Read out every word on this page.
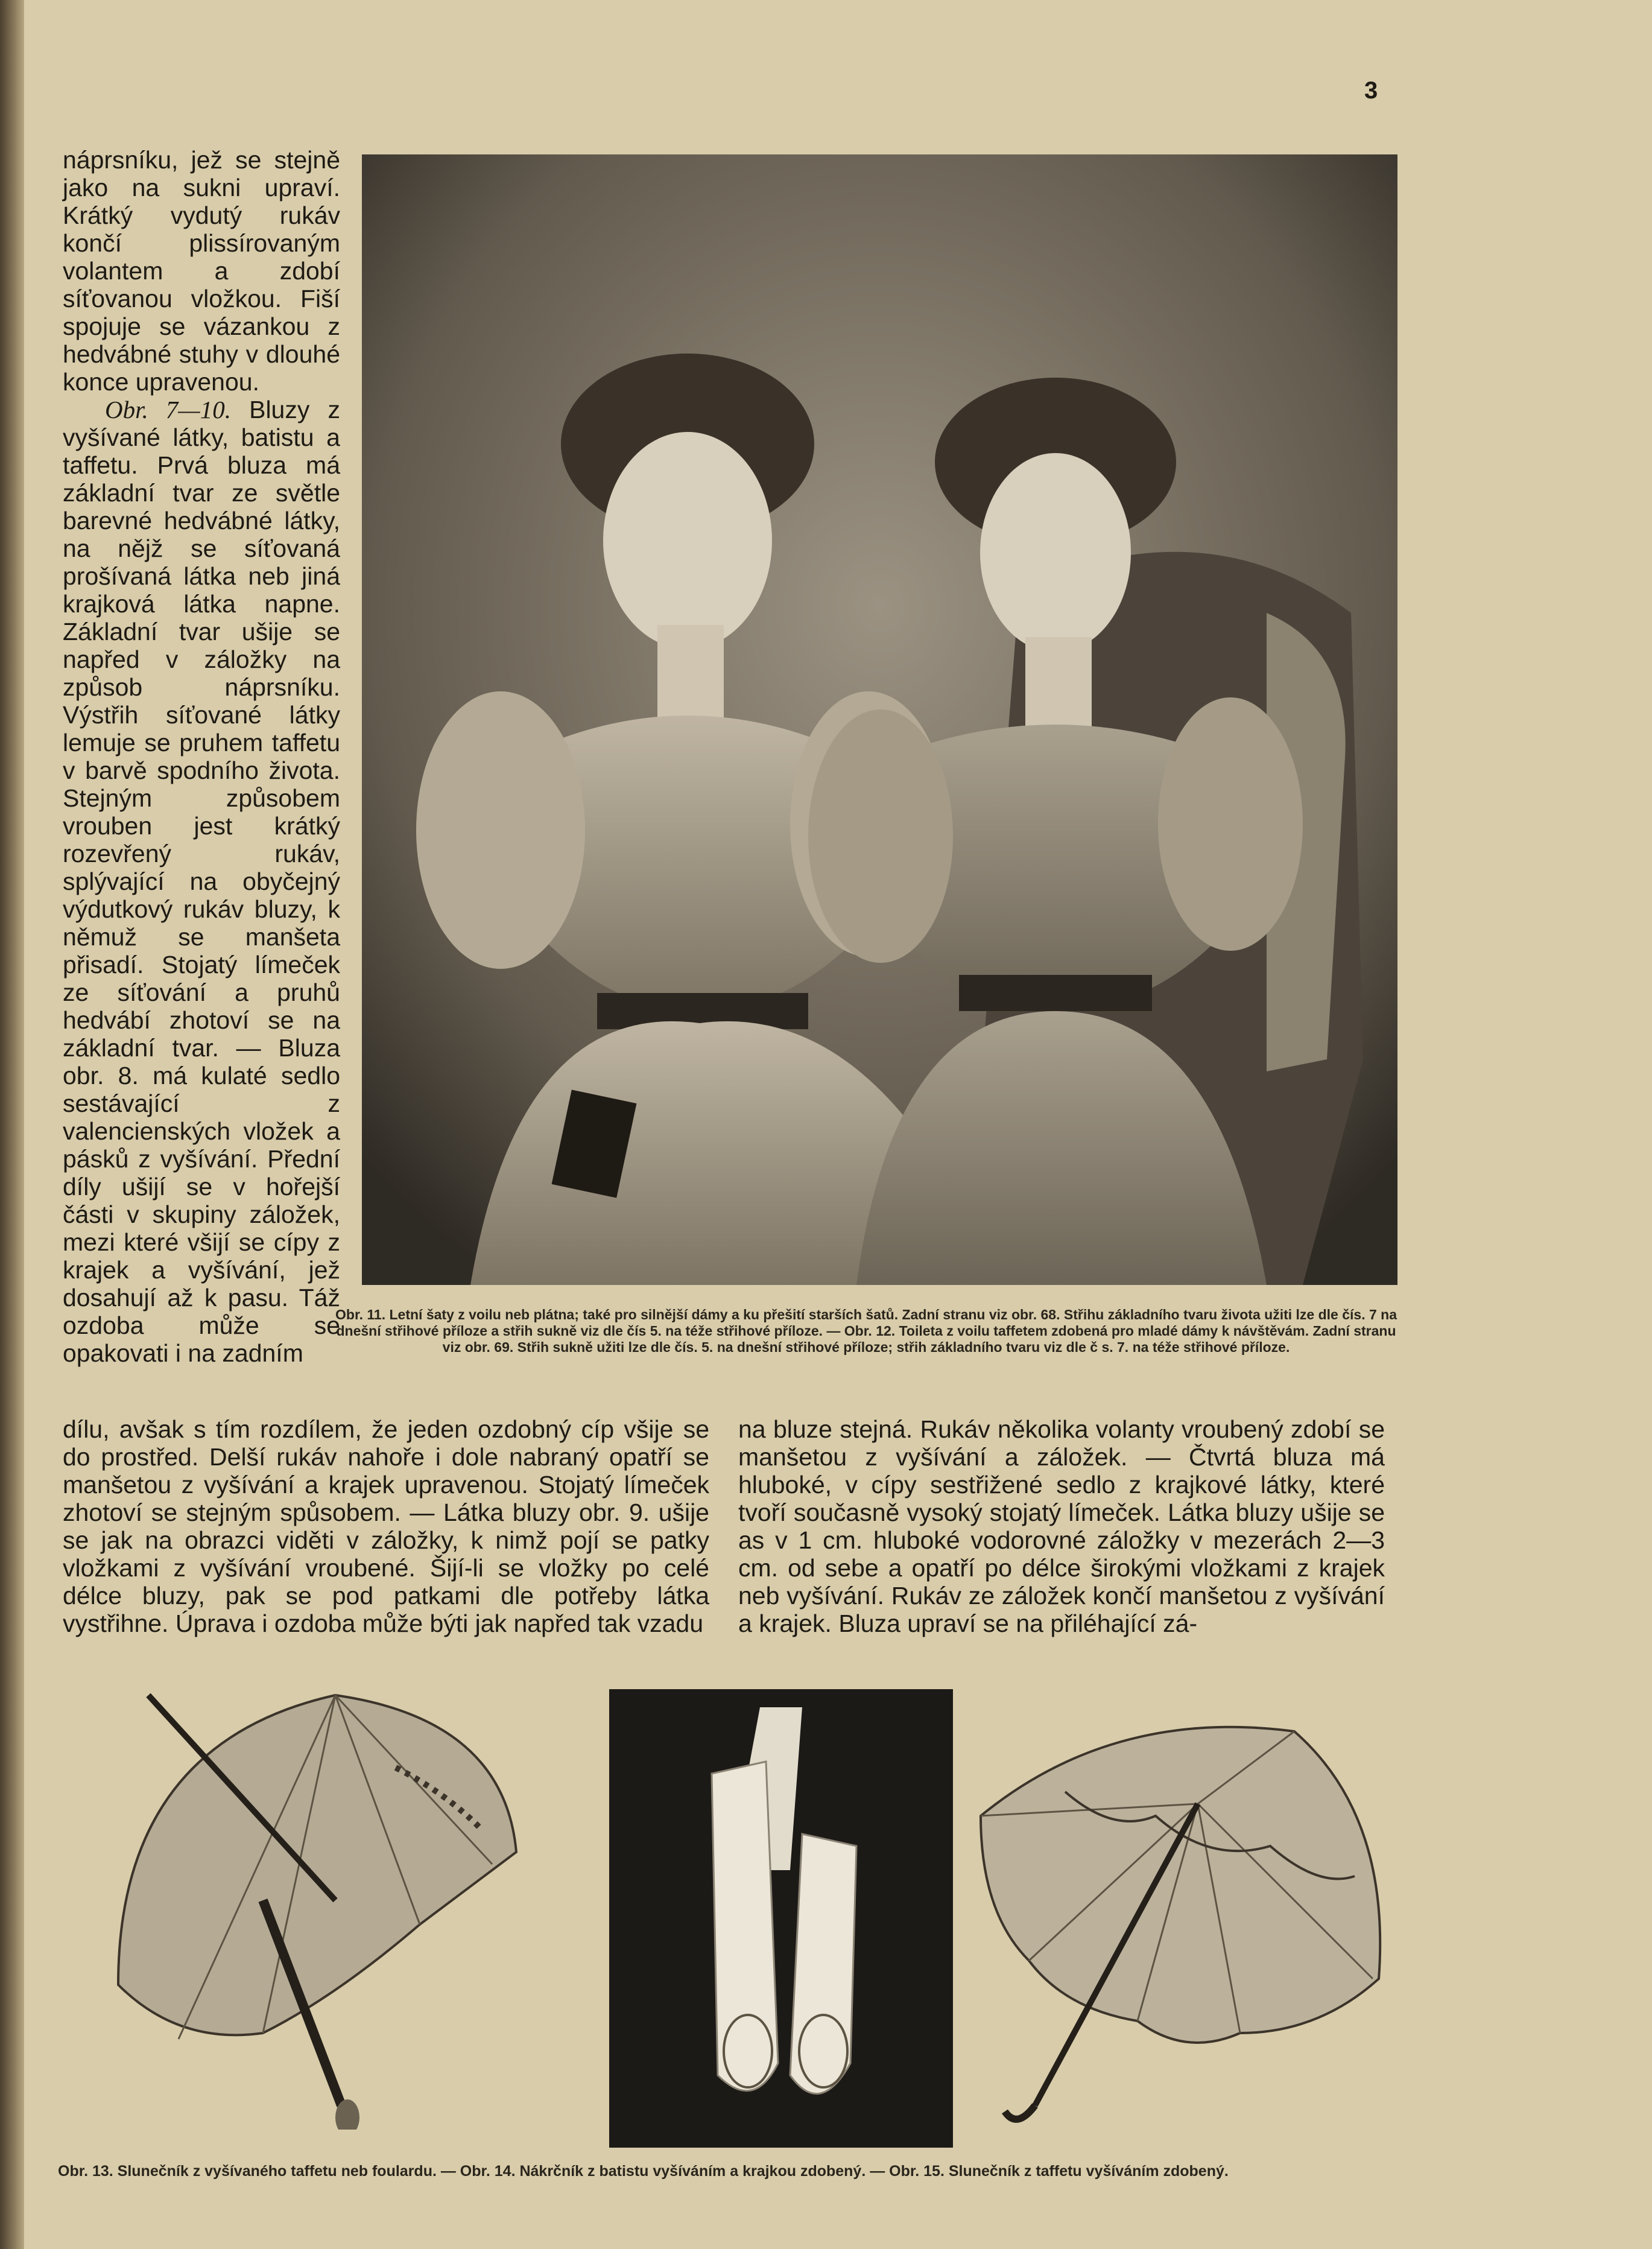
3

náprsníku, jež se stejně jako na sukni upraví. Krátký vydutý rukáv končí plissírovaným volantem a zdobí síťovanou vložkou. Fiší spojuje se vázankou z hedvábné stuhy v dlouhé konce upravenou.

Obr. 7—10. Bluzy z vyšívané látky, batistu a taffetu. Prvá bluza má základní tvar ze světle barevné hedvábné látky, na nějž se síťovaná prošívaná látka neb jiná krajková látka napne. Základní tvar ušije se napřed v záložky na způsob náprsníku. Výstřih síťované látky lemuje se pruhem taffetu v barvě spodního života. Stejným způsobem vrouben jest krátký rozevřený rukáv, splývající na obyčejný výdutkový rukáv bluzy, k němuž se manšeta přisadí. Stojatý límeček ze síťování a pruhů hedvábí zhotoví se na základní tvar. — Bluza obr. 8. má kulaté sedlo sestávající z valencienských vložek a pásků z vyšívání. Přední díly ušijí se v hořejší části v skupiny záložek, mezi které všijí se cípy z krajek a vyšívání, jež dosahují až k pasu. Táž ozdoba může se opakovati i na zadním

Obr. 11. Letní šaty z voilu neb plátna; také pro silnější dámy a ku přešití starších šatů. Zadní stranu viz obr. 68. Střihu základního tvaru života užiti lze dle čís. 7 na dnešní střihové příloze a střih sukně viz dle čís 5. na téže střihové příloze. — Obr. 12. Toileta z voilu taffetem zdobená pro mladé dámy k návštěvám. Zadní stranu viz obr. 69. Střih sukně užiti lze dle čís. 5. na dnešní střihové příloze; střih základního tvaru viz dle č s. 7. na téže střihové příloze.
dílu, avšak s tím rozdílem, že jeden ozdobný cíp všije se do prostřed. Delší rukáv nahoře i dole nabraný opatří se manšetou z vyšívání a krajek upravenou. Stojatý límeček zhotoví se stejným spůsobem. — Látka bluzy obr. 9. ušije se jak na obrazci viděti v záložky, k nimž pojí se patky vložkami z vyšívání vroubené. Šijí-li se vložky po celé délce bluzy, pak se pod patkami dle potřeby látka vystřihne. Úprava i ozdoba může býti jak napřed tak vzadu
na bluze stejná. Rukáv několika volanty vroubený zdobí se manšetou z vyšívání a záložek. — Čtvrtá bluza má hluboké, v cípy sestřižené sedlo z krajkové látky, které tvoří současně vysoký stojatý límeček. Látka bluzy ušije se as v 1 cm. hluboké vodorovné záložky v mezerách 2—3 cm. od sebe a opatří po délce širokými vložkami z krajek neb vyšívání. Rukáv ze záložek končí manšetou z vyšívání a krajek. Bluza upraví se na přiléhající zá-
Obr. 13. Slunečník z vyšívaného taffetu neb foulardu. — Obr. 14. Nákrčník z batistu vyšíváním a krajkou zdobený. — Obr. 15. Slunečník z taffetu vyšíváním zdobený.
